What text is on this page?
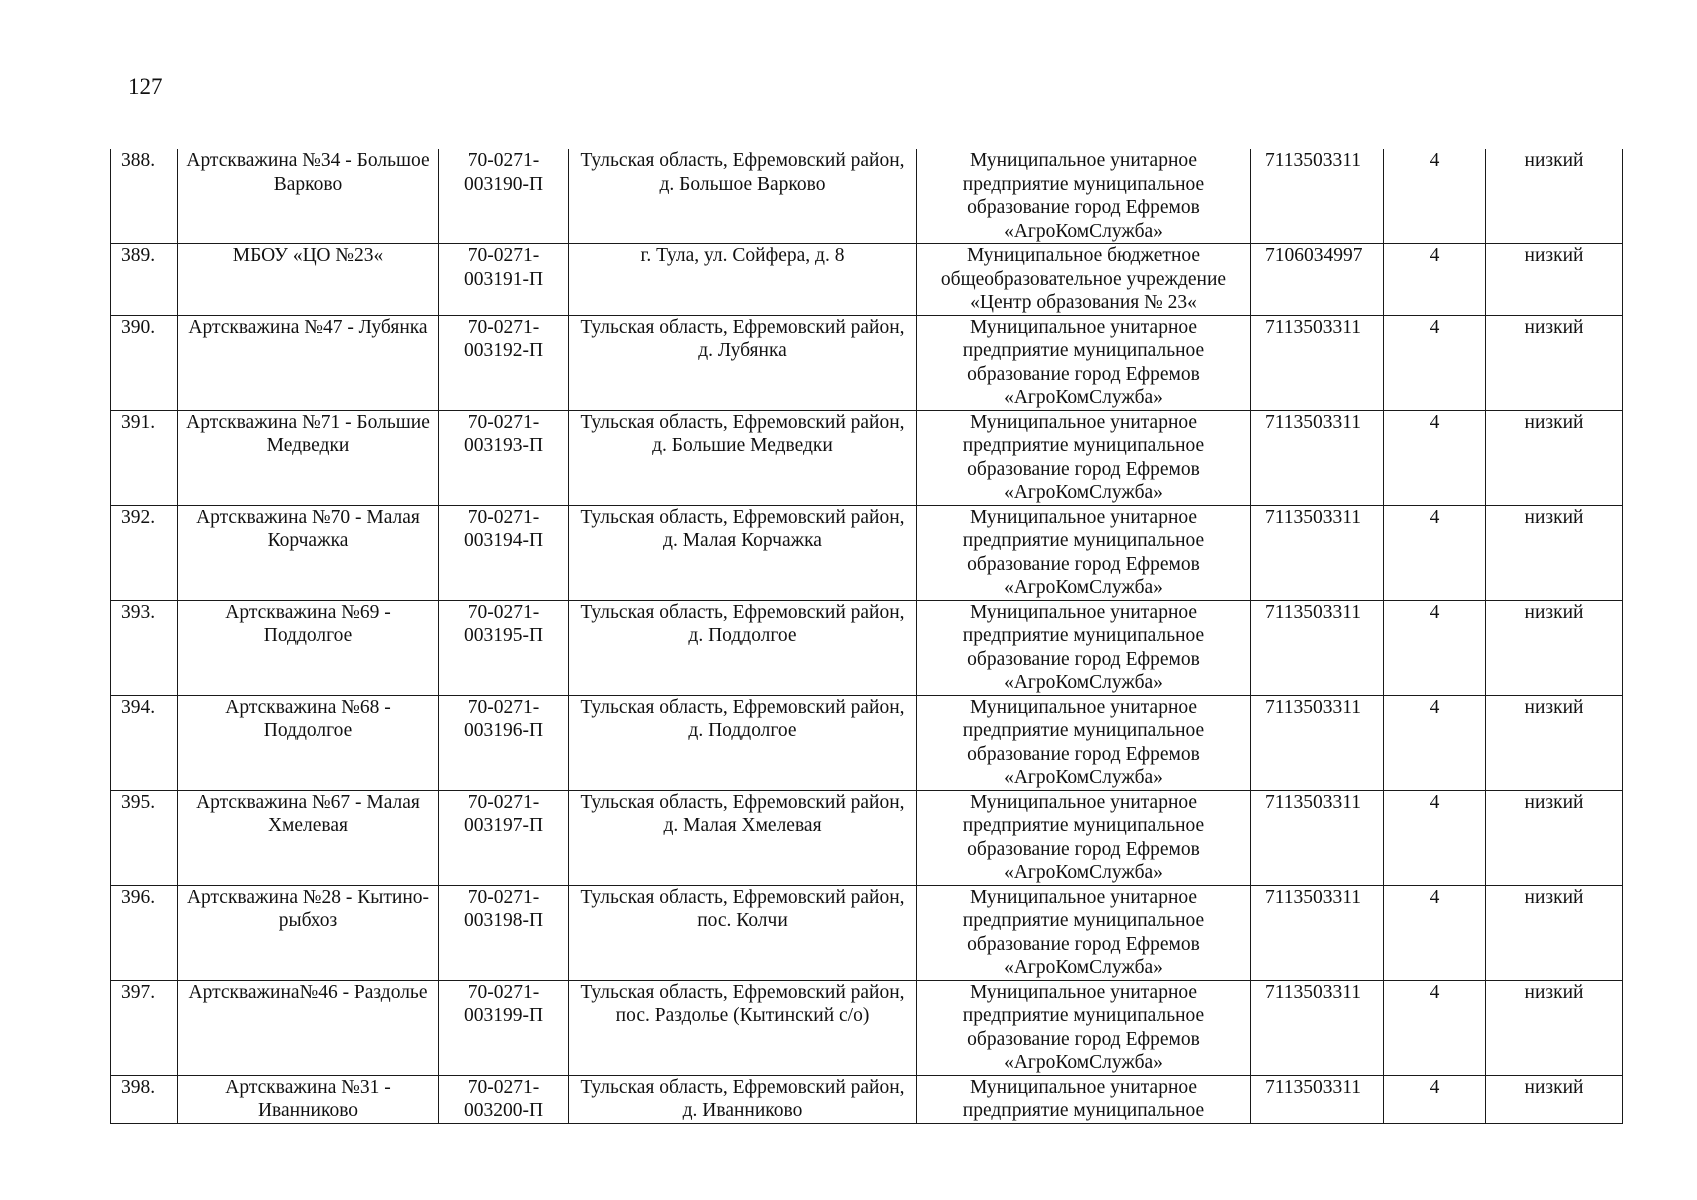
127
388.	Артскважина №34 - Большое Варково	70-0271-003190-П	Тульская область, Ефремовский район, д. Большое Варково	Муниципальное унитарное предприятие муниципальное образование город Ефремов «АгроКомСлужба»	7113503311	4	низкий
389.	МБОУ «ЦО №23«	70-0271-003191-П	г. Тула, ул. Сойфера, д. 8	Муниципальное бюджетное общеобразовательное учреждение «Центр образования № 23«	7106034997	4	низкий
390.	Артскважина №47 - Лубянка	70-0271-003192-П	Тульская область, Ефремовский район, д. Лубянка	Муниципальное унитарное предприятие муниципальное образование город Ефремов «АгроКомСлужба»	7113503311	4	низкий
391.	Артскважина №71 - Большие Медведки	70-0271-003193-П	Тульская область, Ефремовский район, д. Большие Медведки	Муниципальное унитарное предприятие муниципальное образование город Ефремов «АгроКомСлужба»	7113503311	4	низкий
392.	Артскважина №70 - Малая Корчажка	70-0271-003194-П	Тульская область, Ефремовский район, д. Малая Корчажка	Муниципальное унитарное предприятие муниципальное образование город Ефремов «АгроКомСлужба»	7113503311	4	низкий
393.	Артскважина №69 - Поддолгое	70-0271-003195-П	Тульская область, Ефремовский район, д. Поддолгое	Муниципальное унитарное предприятие муниципальное образование город Ефремов «АгроКомСлужба»	7113503311	4	низкий
394.	Артскважина №68 - Поддолгое	70-0271-003196-П	Тульская область, Ефремовский район, д. Поддолгое	Муниципальное унитарное предприятие муниципальное образование город Ефремов «АгроКомСлужба»	7113503311	4	низкий
395.	Артскважина №67 - Малая Хмелевая	70-0271-003197-П	Тульская область, Ефремовский район, д. Малая Хмелевая	Муниципальное унитарное предприятие муниципальное образование город Ефремов «АгроКомСлужба»	7113503311	4	низкий
396.	Артскважина №28 - Кытино-рыбхоз	70-0271-003198-П	Тульская область, Ефремовский район, пос. Колчи	Муниципальное унитарное предприятие муниципальное образование город Ефремов «АгроКомСлужба»	7113503311	4	низкий
397.	Артскважина№46 - Раздолье	70-0271-003199-П	Тульская область, Ефремовский район, пос. Раздолье (Кытинский с/о)	Муниципальное унитарное предприятие муниципальное образование город Ефремов «АгроКомСлужба»	7113503311	4	низкий
398.	Артскважина №31 - Иванниково	70-0271-003200-П	Тульская область, Ефремовский район, д. Иванниково	Муниципальное унитарное предприятие муниципальное	7113503311	4	низкий
